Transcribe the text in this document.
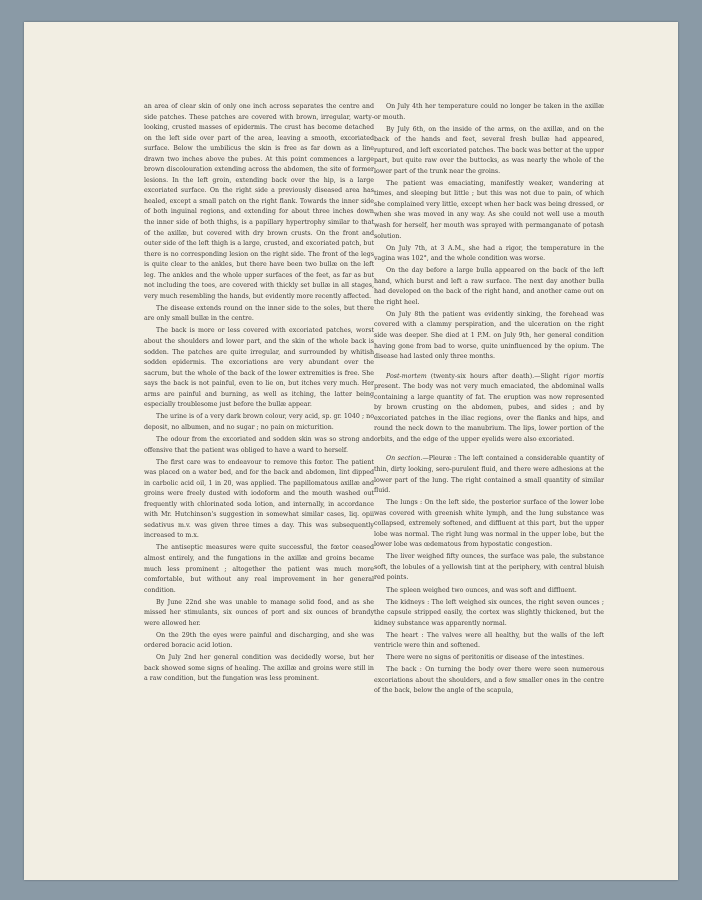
an area of clear skin of only one inch across separates the centre and side patches. These patches are covered with brown, irregular, warty-looking, crusted masses of epidermis. The crust has become detached on the left side over part of the area, leaving a smooth, excoriated surface. Below the umbilicus the skin is free as far down as a line drawn two inches above the pubes. At this point commences a large brown discolouration extending across the abdomen, the site of former lesions. In the left groin, extending back over the hip, is a large excoriated surface. On the right side a previously diseased area has healed, except a small patch on the right flank. Towards the inner side of both inguinal regions, and extending for about three inches down the inner side of both thighs, is a papillary hypertrophy similar to that of the axillæ, but covered with dry brown crusts. On the front and outer side of the left thigh is a large, crusted, and excoriated patch, but there is no corresponding lesion on the right side. The front of the legs is quite clear to the ankles, but there have been two bullæ on the left leg. The ankles and the whole upper surfaces of the feet, as far as but not including the toes, are covered with thickly set bullæ in all stages, very much resembling the hands, but evidently more recently affected.

The disease extends round on the inner side to the soles, but there are only small bullæ in the centre.

The back is more or less covered with excoriated patches, worst about the shoulders and lower part, and the skin of the whole back is sodden. The patches are quite irregular, and surrounded by whitish sodden epidermis. The excoriations are very abundant over the sacrum, but the whole of the back of the lower extremities is free. She says the back is not painful, even to lie on, but itches very much. Her arms are painful and burning, as well as itching, the latter being especially troublesome just before the bullæ appear.

The urine is of a very dark brown colour, very acid, sp. gr. 1040 ; no deposit, no albumen, and no sugar ; no pain on micturition.

The odour from the excoriated and sodden skin was so strong and offensive that the patient was obliged to have a ward to herself.

The first care was to endeavour to remove this fœtor. The patient was placed on a water bed, and for the back and abdomen, lint dipped in carbolic acid oil, 1 in 20, was applied. The papillomatous axillæ and groins were freely dusted with iodoform and the mouth washed out frequently with chlorinated soda lotion, and internally, in accordance with Mr. Hutchinson's suggestion in somewhat similar cases, liq. opii sedativus m.v. was given three times a day. This was subsequently increased to m.x.

The antiseptic measures were quite successful, the fœtor ceased almost entirely, and the fungations in the axillæ and groins became much less prominent ; altogether the patient was much more comfortable, but without any real improvement in her general condition.

By June 22nd she was unable to manage solid food, and as she missed her stimulants, six ounces of port and six ounces of brandy were allowed her.

On the 29th the eyes were painful and discharging, and she was ordered boracic acid lotion.

On July 2nd her general condition was decidedly worse, but her back showed some signs of healing. The axillæ and groins were still in a raw condition, but the fungation was less prominent.

On July 4th her temperature could no longer be taken in the axillæ or mouth.

By July 6th, on the inside of the arms, on the axillæ, and on the back of the hands and feet, several fresh bullæ had appeared, ruptured, and left excoriated patches. The back was better at the upper part, but quite raw over the buttocks, as was nearly the whole of the lower part of the trunk near the groins.

The patient was emaciating, manifestly weaker, wandering at times, and sleeping but little ; but this was not due to pain, of which she complained very little, except when her back was being dressed, or when she was moved in any way. As she could not well use a mouth wash for herself, her mouth was sprayed with permanganate of potash solution.

On July 7th, at 3 A.M., she had a rigor, the temperature in the vagina was 102°, and the whole condition was worse.

On the day before a large bulla appeared on the back of the left hand, which burst and left a raw surface. The next day another bulla had developed on the back of the right hand, and another came out on the right heel.

On July 8th the patient was evidently sinking, the forehead was covered with a clammy perspiration, and the ulceration on the right side was deeper. She died at 1 P.M. on July 9th, her general condition having gone from bad to worse, quite uninfluenced by the opium. The disease had lasted only three months.

Post-mortem (twenty-six hours after death).—Slight rigor mortis present. The body was not very much emaciated, the abdominal walls containing a large quantity of fat. The eruption was now represented by brown crusting on the abdomen, pubes, and sides ; and by excoriated patches in the iliac regions, over the flanks and hips, and round the neck down to the manubrium. The lips, lower portion of the orbits, and the edge of the upper eyelids were also excoriated.

On section.—Pleuræ : The left contained a considerable quantity of thin, dirty looking, sero-purulent fluid, and there were adhesions at the lower part of the lung. The right contained a small quantity of similar fluid.

The lungs : On the left side, the posterior surface of the lower lobe was covered with greenish white lymph, and the lung substance was collapsed, extremely softened, and diffluent at this part, but the upper lobe was normal. The right lung was normal in the upper lobe, but the lower lobe was œdematous from hypostatic congestion.

The liver weighed fifty ounces, the surface was pale, the substance soft, the lobules of a yellowish tint at the periphery, with central bluish red points.

The spleen weighed two ounces, and was soft and diffluent.

The kidneys : The left weighed six ounces, the right seven ounces ; the capsule stripped easily, the cortex was slightly thickened, but the kidney substance was apparently normal.

The heart : The valves were all healthy, but the walls of the left ventricle were thin and softened.

There were no signs of peritonitis or disease of the intestines.

The back : On turning the body over there were seen numerous excoriations about the shoulders, and a few smaller ones in the centre of the back, below the angle of the scapula,
